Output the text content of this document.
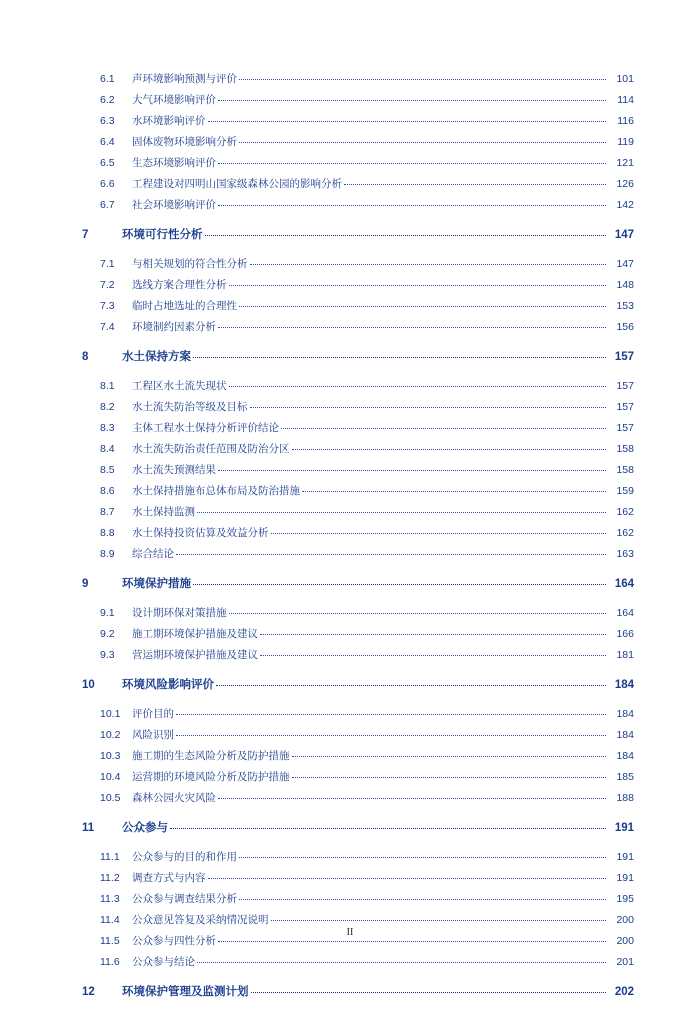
6.1	声环境影响预测与评价	101
6.2	大气环境影响评价	114
6.3	水环境影响评价	116
6.4	固体废物环境影响分析	119
6.5	生态环境影响评价	121
6.6	工程建设对四明山国家级森林公园的影响分析	126
6.7	社会环境影响评价	142
7	环境可行性分析	147
7.1	与相关规划的符合性分析	147
7.2	选线方案合理性分析	148
7.3	临时占地选址的合理性	153
7.4	环境制约因素分析	156
8	水土保持方案	157
8.1	工程区水土流失现状	157
8.2	水土流失防治等级及目标	157
8.3	主体工程水土保持分析评价结论	157
8.4	水土流失防治责任范围及防治分区	158
8.5	水土流失预测结果	158
8.6	水土保持措施布总体布局及防治措施	159
8.7	水土保持监测	162
8.8	水土保持投资估算及效益分析	162
8.9	综合结论	163
9	环境保护措施	164
9.1	设计期环保对策措施	164
9.2	施工期环境保护措施及建议	166
9.3	营运期环境保护措施及建议	181
10	环境风险影响评价	184
10.1	评价目的	184
10.2	风险识别	184
10.3	施工期的生态风险分析及防护措施	184
10.4	运营期的环境风险分析及防护措施	185
10.5	森林公园火灾风险	188
11	公众参与	191
11.1	公众参与的目的和作用	191
11.2	调查方式与内容	191
11.3	公众参与调查结果分析	195
11.4	公众意见答复及采纳情况说明	200
11.5	公众参与四性分析	200
11.6	公众参与结论	201
12	环境保护管理及监测计划	202
II
